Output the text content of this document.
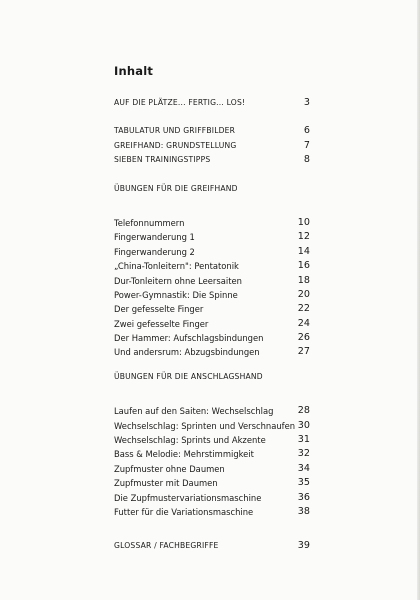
Inhalt
AUF DIE PLÄTZE... FERTIG... LOS!	3
TABULATUR UND GRIFFBILDER	6
GREIFHAND: GRUNDSTELLUNG	7
SIEBEN TRAININGSTIPPS	8
ÜBUNGEN FÜR DIE GREIFHAND
Telefonnummern	10
Fingerwanderung 1	12
Fingerwanderung 2	14
„China-Tonleitern": Pentatonik	16
Dur-Tonleitern ohne Leersaiten	18
Power-Gymnastik: Die Spinne	20
Der gefesselte Finger	22
Zwei gefesselte Finger	24
Der Hammer: Aufschlagsbindungen	26
Und andersrum: Abzugsbindungen	27
ÜBUNGEN FÜR DIE ANSCHLAGSHAND
Laufen auf den Saiten: Wechselschlag	28
Wechselschlag: Sprinten und Verschnaufen 30
Wechselschlag: Sprints und Akzente	31
Bass & Melodie: Mehrstimmigkeit	32
Zupfmuster ohne Daumen	34
Zupfmuster mit Daumen	35
Die Zupfmustervariationsmaschine	36
Futter für die Variationsmaschine	38
GLOSSAR / FACHBEGRIFFE	39
